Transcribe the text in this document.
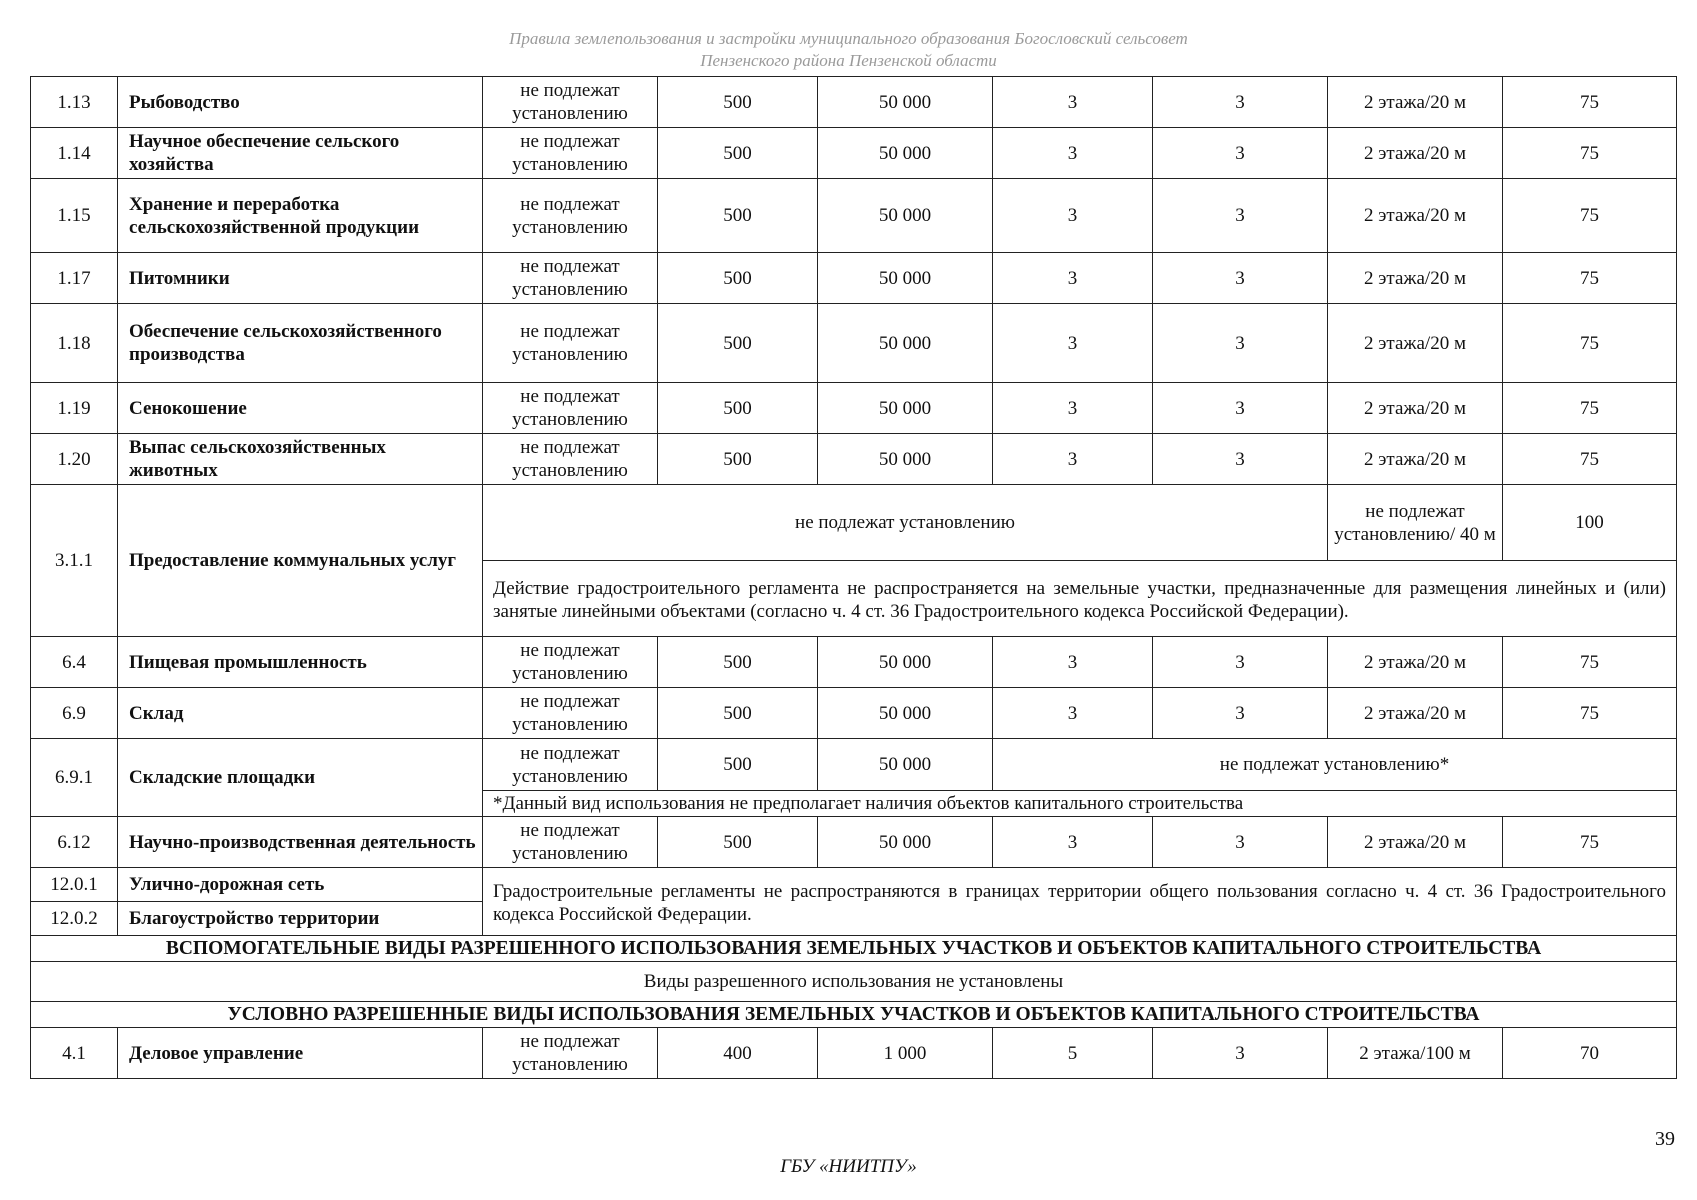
Правила землепользования и застройки муниципального образования Богословский сельсовет
Пензенского района Пензенской области
1.13	Рыбоводство	не подлежат установлению	500	50 000	3	3	2 этажа/20 м	75
1.14	Научное обеспечение сельского хозяйства	не подлежат установлению	500	50 000	3	3	2 этажа/20 м	75
1.15	Хранение и переработка сельскохозяйственной продукции	не подлежат установлению	500	50 000	3	3	2 этажа/20 м	75
1.17	Питомники	не подлежат установлению	500	50 000	3	3	2 этажа/20 м	75
1.18	Обеспечение сельскохозяйственного производства	не подлежат установлению	500	50 000	3	3	2 этажа/20 м	75
1.19	Сенокошение	не подлежат установлению	500	50 000	3	3	2 этажа/20 м	75
1.20	Выпас сельскохозяйственных животных	не подлежат установлению	500	50 000	3	3	2 этажа/20 м	75
3.1.1	Предоставление коммунальных услуг	не подлежат установлению					не подлежат установлению/ 40 м	100
		Действие градостроительного регламента не распространяется на земельные участки, предназначенные для размещения линейных и (или) занятые линейными объектами (согласно ч. 4 ст. 36 Градостроительного кодекса Российской Федерации).						
6.4	Пищевая промышленность	не подлежат установлению	500	50 000	3	3	2 этажа/20 м	75
6.9	Склад	не подлежат установлению	500	50 000	3	3	2 этажа/20 м	75
6.9.1	Складские площадки	не подлежат установлению	500	50 000	не подлежат установлению*			
		*Данный вид использования не предполагает наличия объектов капитального строительства						
6.12	Научно-производственная деятельность	не подлежат установлению	500	50 000	3	3	2 этажа/20 м	75
12.0.1	Улично-дорожная сеть	Градостроительные регламенты не распространяются в границах территории общего пользования согласно ч. 4 ст. 36 Градостроительного кодекса Российской Федерации.						
12.0.2	Благоустройство территории							
ВСПОМОГАТЕЛЬНЫЕ ВИДЫ РАЗРЕШЕННОГО ИСПОЛЬЗОВАНИЯ ЗЕМЕЛЬНЫХ УЧАСТКОВ И ОБЪЕКТОВ КАПИТАЛЬНОГО СТРОИТЕЛЬСТВА								
Виды разрешенного использования не установлены								
УСЛОВНО РАЗРЕШЕННЫЕ ВИДЫ ИСПОЛЬЗОВАНИЯ ЗЕМЕЛЬНЫХ УЧАСТКОВ И ОБЪЕКТОВ КАПИТАЛЬНОГО СТРОИТЕЛЬСТВА								
4.1	Деловое управление	не подлежат установлению	400	1 000	5	3	2 этажа/100 м	70
39
ГБУ «НИИТПУ»
